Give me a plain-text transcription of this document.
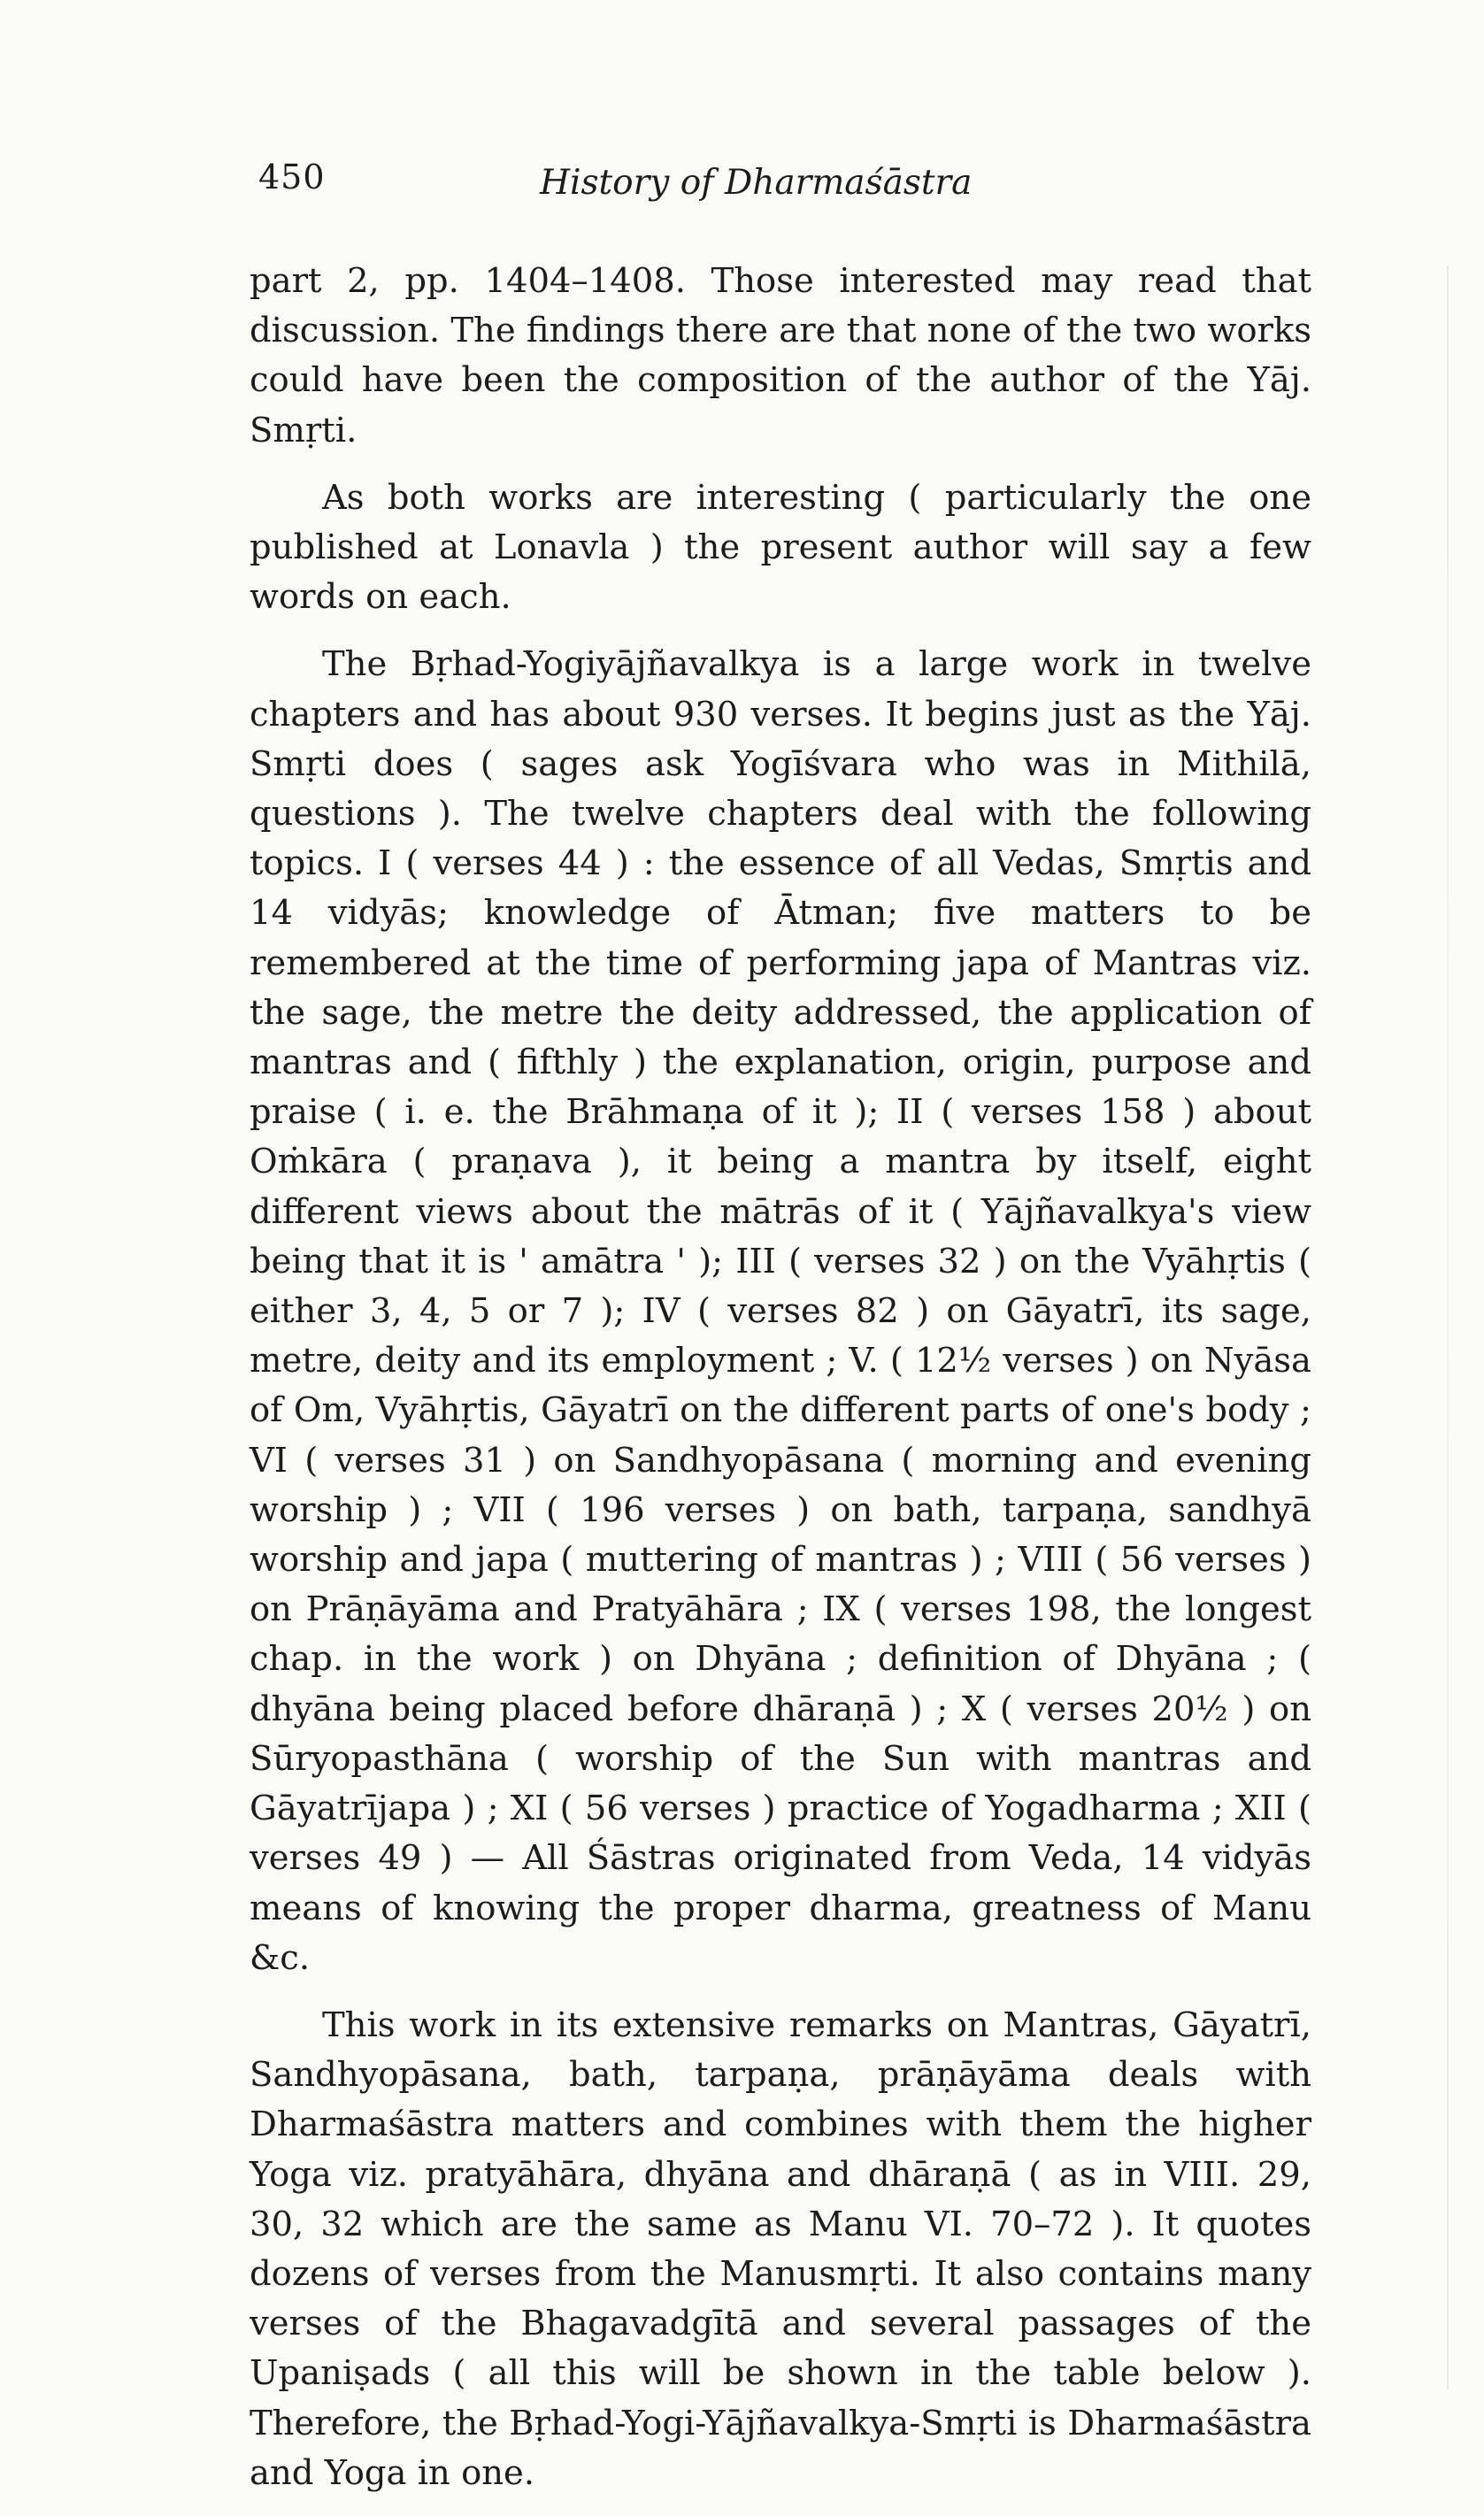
450	History of Dharmaśāstra

part 2, pp. 1404–1408. Those interested may read that discussion. The findings there are that none of the two works could have been the composition of the author of the Yāj. Smṛti.

As both works are interesting ( particularly the one published at Lonavla ) the present author will say a few words on each.

The Bṛhad-Yogiyājñavalkya is a large work in twelve chapters and has about 930 verses. It begins just as the Yāj. Smṛti does ( sages ask Yogīśvara who was in Mithilā, questions ). The twelve chapters deal with the following topics. I ( verses 44 ) : the essence of all Vedas, Smṛtis and 14 vidyās; knowledge of Ātman; five matters to be remembered at the time of performing japa of Mantras viz. the sage, the metre the deity addressed, the application of mantras and ( fifthly ) the explanation, origin, purpose and praise ( i. e. the Brāhmaṇa of it ); II ( verses 158 ) about Oṁkāra ( praṇava ), it being a mantra by itself, eight different views about the mātrās of it ( Yājñavalkya's view being that it is ' amātra ' ); III ( verses 32 ) on the Vyāhṛtis ( either 3, 4, 5 or 7 ); IV ( verses 82 ) on Gāyatrī, its sage, metre, deity and its employment ; V. ( 12½ verses ) on Nyāsa of Om, Vyāhṛtis, Gāyatrī on the different parts of one's body ; VI ( verses 31 ) on Sandhyopāsana ( morning and evening worship ) ; VII ( 196 verses ) on bath, tarpaṇa, sandhyā worship and japa ( muttering of mantras ) ; VIII ( 56 verses ) on Prāṇāyāma and Pratyāhāra ; IX ( verses 198, the longest chap. in the work ) on Dhyāna ; definition of Dhyāna ; ( dhyāna being placed before dhāraṇā ) ; X ( verses 20½ ) on Sūryopasthāna ( worship of the Sun with mantras and Gāyatrījapa ) ; XI ( 56 verses ) practice of Yogadharma ; XII ( verses 49 ) — All Śāstras originated from Veda, 14 vidyās means of knowing the proper dharma, greatness of Manu &c.

This work in its extensive remarks on Mantras, Gāyatrī, Sandhyopāsana, bath, tarpaṇa, prāṇāyāma deals with Dharmaśāstra matters and combines with them the higher Yoga viz. pratyāhāra, dhyāna and dhāraṇā ( as in VIII. 29, 30, 32 which are the same as Manu VI. 70–72 ). It quotes dozens of verses from the Manusmṛti. It also contains many verses of the Bhagavadgītā and several passages of the Upaniṣads ( all this will be shown in the table below ). Therefore, the Bṛhad-Yogi-Yājñavalkya-Smṛti is Dharmaśāstra and Yoga in one.
